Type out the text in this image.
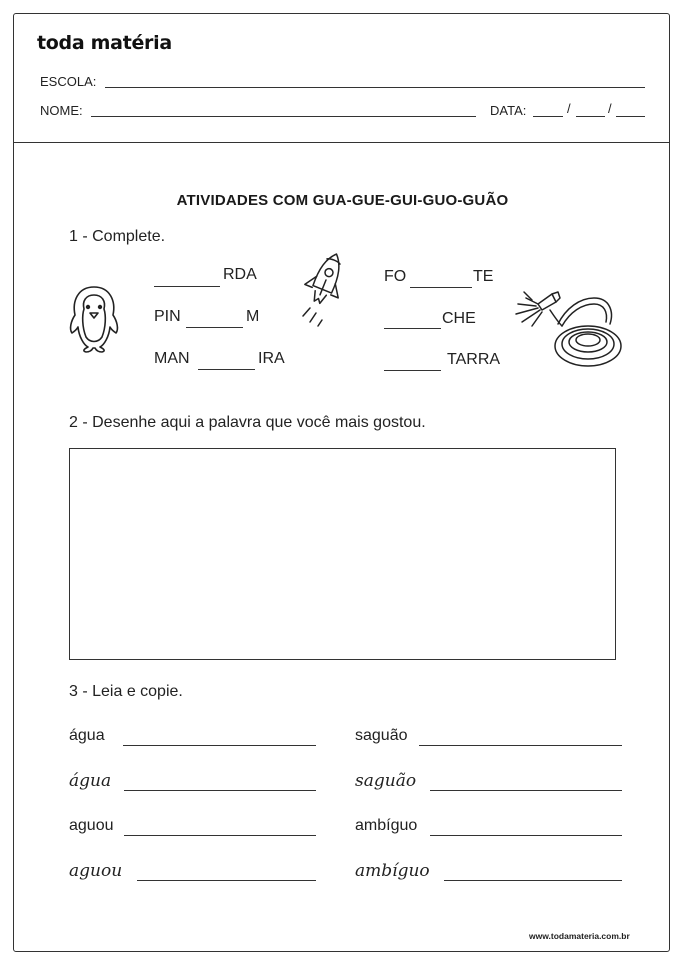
toda matéria
ESCOLA:
NOME:	DATA:	/	/
ATIVIDADES COM GUA-GUE-GUI-GUO-GUÃO
1 - Complete.
RDA
PIN	M
MAN	IRA
FO	TE
CHE
TARRA
2 - Desenhe aqui a palavra que você mais gostou.
3 - Leia e copie.
água	saguão
água	saguão
aguou	ambíguo
aguou	ambíguo
www.todamateria.com.br
